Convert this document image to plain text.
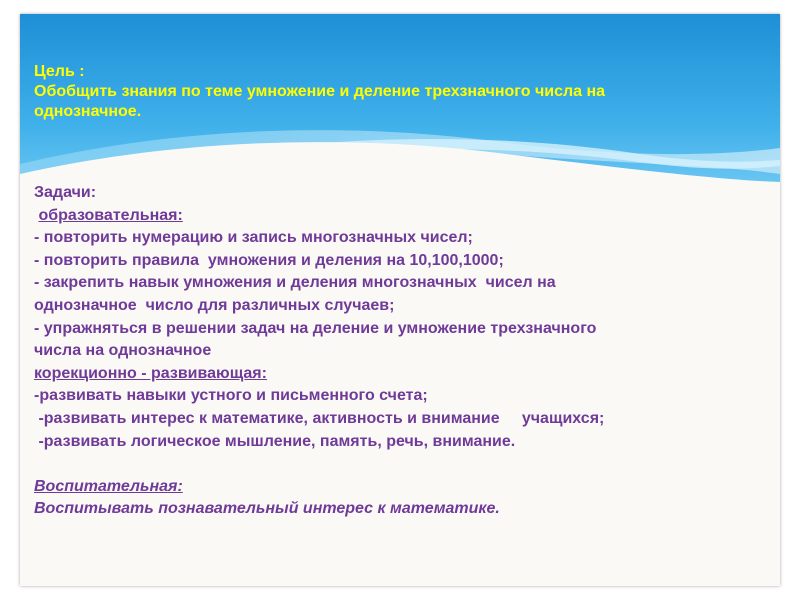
Цель :
Обобщить знания по теме умножение и деление трехзначного числа на
однозначное.
Задачи:
образовательная:
- повторить нумерацию и запись многозначных чисел;
- повторить правила  умножения и деления на 10,100,1000;
- закрепить навык умножения и деления многозначных  чисел на
однозначное  число для различных случаев;
- упражняться в решении задач на деление и умножение трехзначного
числа на однозначное
корекционно - развивающая:
-развивать навыки устного и письменного счета;
-развивать интерес к математике, активность и внимание     учащихся;
-развивать логическое мышление, память, речь, внимание.
Воспитательная:
Воспитывать познавательный интерес к математике.
